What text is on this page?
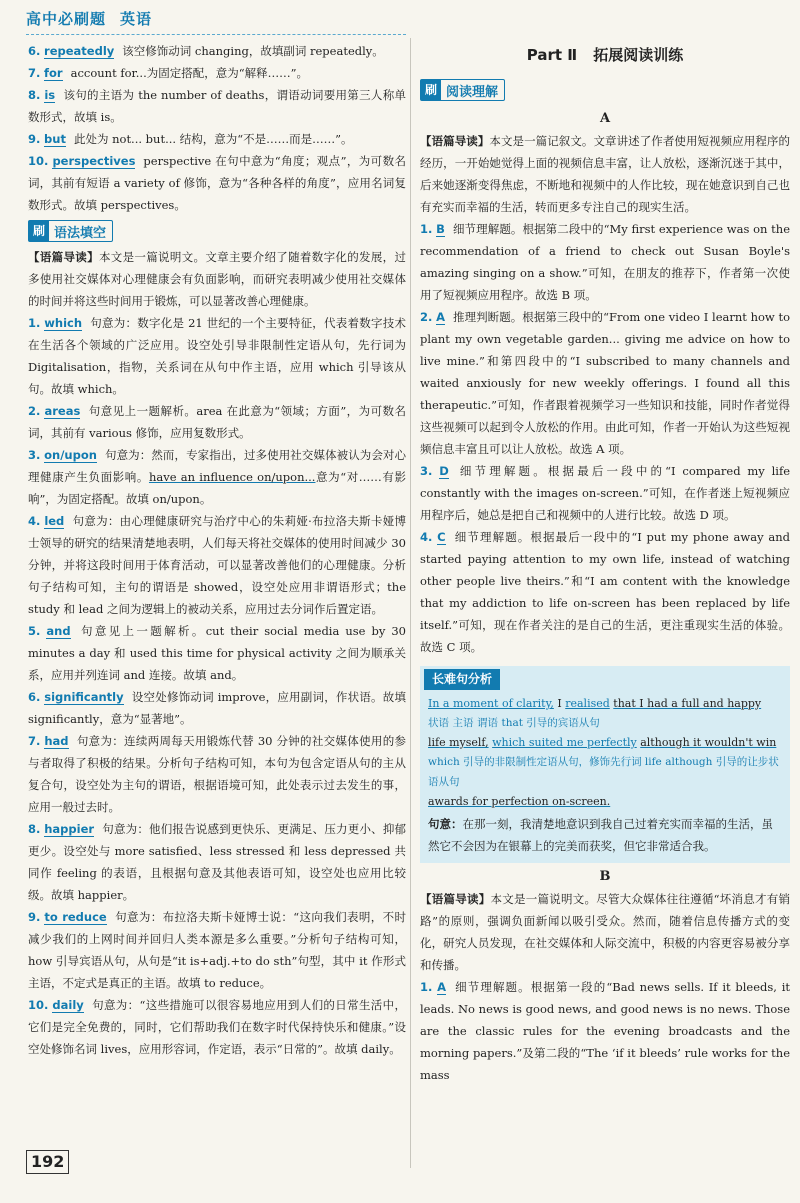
高中必刷题 英语

6. repeatedly 该空修饰动词 changing，故填副词 repeatedly。

7. for account for...为固定搭配，意为“解释……”。

8. is 该句的主语为 the number of deaths，谓语动词要用第三人称单数形式，故填 is。

9. but 此处为 not... but... 结构，意为“不是……而是……”。

10. perspectives perspective 在句中意为“角度；观点”，为可数名词，其前有短语 a variety of 修饰，意为“各种各样的角度”，应用名词复数形式。故填 perspectives。

刷 语法填空

【语篇导读】本文是一篇说明文。文章主要介绍了随着数字化的发展，过多使用社交媒体对心理健康会有负面影响，而研究表明减少使用社交媒体的时间并将这些时间用于锻炼，可以显著改善心理健康。

1. which 句意为：数字化是 21 世纪的一个主要特征，代表着数字技术在生活各个领域的广泛应用。设空处引导非限制性定语从句，先行词为 Digitalisation，指物，关系词在从句中作主语，应用 which 引导该从句。故填 which。

2. areas 句意见上一题解析。area 在此意为“领域；方面”，为可数名词，其前有 various 修饰，应用复数形式。

3. on/upon 句意为：然而，专家指出，过多使用社交媒体被认为会对心理健康产生负面影响。have an influence on/upon...意为“对……有影响”，为固定搭配。故填 on/upon。

4. led 句意为：由心理健康研究与治疗中心的朱莉娅·布拉洛夫斯卡娅博士领导的研究的结果清楚地表明，人们每天将社交媒体的使用时间减少 30 分钟，并将这段时间用于体育活动，可以显著改善他们的心理健康。分析句子结构可知，主句的谓语是 showed，设空处应用非谓语形式；the study 和 lead 之间为逻辑上的被动关系，应用过去分词作后置定语。

5. and 句意见上一题解析。cut their social media use by 30 minutes a day 和 used this time for physical activity 之间为顺承关系，应用并列连词 and 连接。故填 and。

6. significantly 设空处修饰动词 improve，应用副词，作状语。故填 significantly，意为“显著地”。

7. had 句意为：连续两周每天用锻炼代替 30 分钟的社交媒体使用的参与者取得了积极的结果。分析句子结构可知，本句为包含定语从句的主从复合句，设空处为主句的谓语，根据语境可知，此处表示过去发生的事，应用一般过去时。

8. happier 句意为：他们报告说感到更快乐、更满足、压力更小、抑郁更少。设空处与 more satisfied、less stressed 和 less depressed 共同作 feeling 的表语，且根据句意及其他表语可知，设空处也应用比较级。故填 happier。

9. to reduce 句意为：布拉洛夫斯卡娅博士说：“这向我们表明，不时减少我们的上网时间并回归人类本源是多么重要。”分析句子结构可知，how 引导宾语从句，从句是“it is+adj.+to do sth”句型，其中 it 作形式主语，不定式是真正的主语。故填 to reduce。

10. daily 句意为：“这些措施可以很容易地应用到人们的日常生活中，它们是完全免费的，同时，它们帮助我们在数字时代保持快乐和健康。”设空处修饰名词 lives，应用形容词，作定语，表示“日常的”。故填 daily。

Part Ⅱ 拓展阅读训练
刷 阅读理解
A

【语篇导读】本文是一篇记叙文。文章讲述了作者使用短视频应用程序的经历，一开始她觉得上面的视频信息丰富，让人放松，逐渐沉迷于其中，后来她逐渐变得焦虑，不断地和视频中的人作比较，现在她意识到自己也有充实而幸福的生活，转而更多专注自己的现实生活。

1. B 细节理解题。根据第二段中的“My first experience was on the recommendation of a friend to check out Susan Boyle's amazing singing on a show.”可知，在朋友的推荐下，作者第一次使用了短视频应用程序。故选 B 项。

2. A 推理判断题。根据第三段中的“From one video I learnt how to plant my own vegetable garden... giving me advice on how to live mine.”和第四段中的“I subscribed to many channels and waited anxiously for new weekly offerings. I found all this therapeutic.”可知，作者跟着视频学习一些知识和技能，同时作者觉得这些视频可以起到令人放松的作用。由此可知，作者一开始认为这些短视频信息丰富且可以让人放松。故选 A 项。

3. D 细节理解题。根据最后一段中的“I compared my life constantly with the images on-screen.”可知，在作者迷上短视频应用程序后，她总是把自己和视频中的人进行比较。故选 D 项。

4. C 细节理解题。根据最后一段中的“I put my phone away and started paying attention to my own life, instead of watching other people live theirs.”和“I am content with the knowledge that my addiction to life on-screen has been replaced by life itself.”可知，现在作者关注的是自己的生活，更注重现实生活的体验。故选 C 项。

长难句分析
In a moment of clarity, I realised that I had a full and happy
状语 主语 谓语 that 引导的宾语从句
life myself, which suited me perfectly although it wouldn't win
which 引导的非限制性定语从句，修饰先行词 life although 引导的让步状语从句
awards for perfection on-screen.

句意：在那一刻，我清楚地意识到我自己过着充实而幸福的生活，虽然它不会因为在银幕上的完美而获奖，但它非常适合我。

B

【语篇导读】本文是一篇说明文。尽管大众媒体往往遵循“坏消息才有销路”的原则，强调负面新闻以吸引受众。然而，随着信息传播方式的变化，研究人员发现，在社交媒体和人际交流中，积极的内容更容易被分享和传播。

1. A 细节理解题。根据第一段的“Bad news sells. If it bleeds, it leads. No news is good news, and good news is no news. Those are the classic rules for the evening broadcasts and the morning papers.”及第二段的“The ‘if it bleeds’ rule works for the mass

192
